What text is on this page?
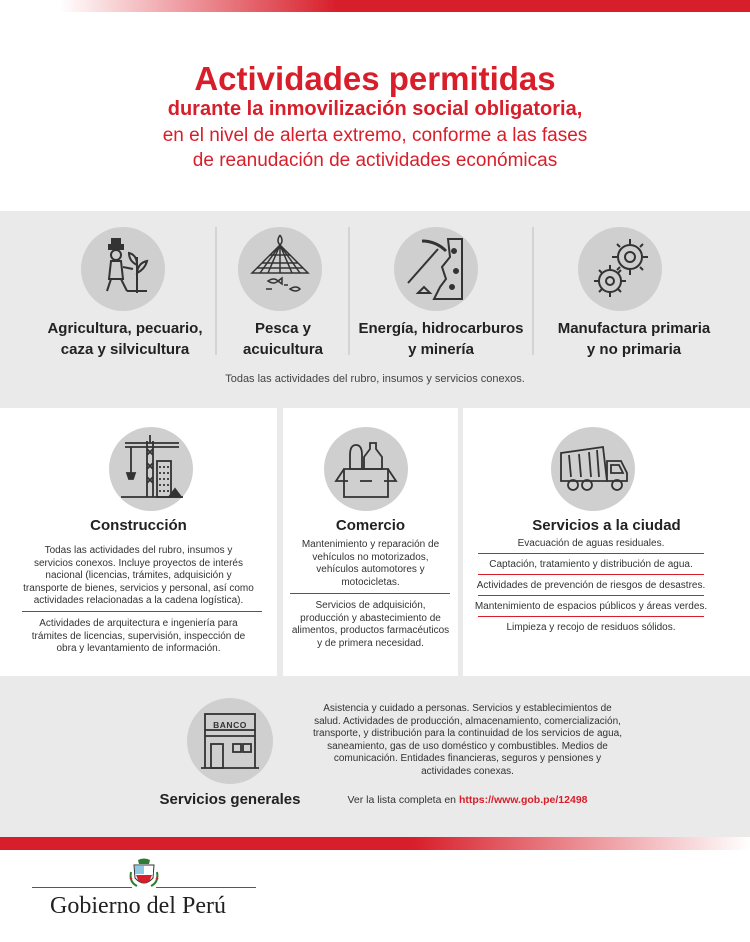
Actividades permitidas
durante la inmovilización social obligatoria,
en el nivel de alerta extremo, conforme a las fases
de reanudación de actividades económicas
Agricultura, pecuario,
caza y silvicultura
Pesca y
acuicultura
Energía, hidrocarburos
y minería
Manufactura primaria
y no primaria
Todas las actividades del rubro, insumos y servicios conexos.
Construcción
Todas las actividades del rubro, insumos y
servicios conexos. Incluye proyectos de interés
nacional (licencias, trámites, adquisición y
transporte de bienes, servicios y personal, así como
actividades relacionadas a la cadena logística).
Actividades de arquitectura e ingeniería para
trámites de licencias, supervisión, inspección de
obra y levantamiento de información.
Comercio
Mantenimiento y reparación de
vehículos no motorizados,
vehículos automotores y
motocicletas.
Servicios de adquisición,
producción y abastecimiento de
alimentos, productos farmacéuticos
y de primera necesidad.
Servicios a la ciudad
Evacuación de aguas residuales.
Captación, tratamiento y distribución de agua.
Actividades de prevención de riesgos de desastres.
Mantenimiento de espacios públicos y áreas verdes.
Limpieza y recojo de residuos sólidos.
BANCO
Servicios generales
Asistencia y cuidado a personas. Servicios y establecimientos de
salud. Actividades de producción, almacenamiento, comercialización,
transporte, y distribución para la continuidad de los servicios de agua,
saneamiento, gas de uso doméstico y combustibles. Medios de
comunicación. Entidades financieras, seguros y pensiones y
actividades conexas.
Ver la lista completa en https://www.gob.pe/12498
Gobierno del Perú
